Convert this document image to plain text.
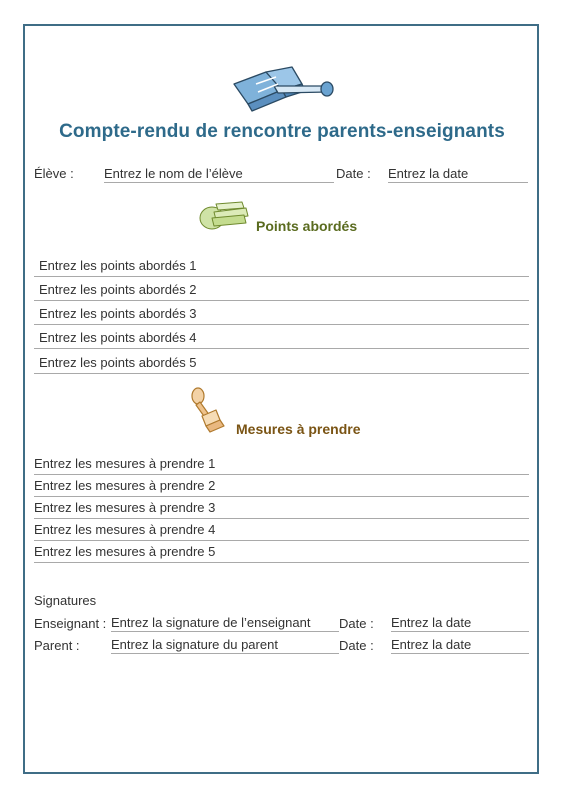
Compte-rendu de rencontre parents-enseignants
Élève : Entrez le nom de l’élève	Date : Entrez la date
Points abordés
Entrez les points abordés 1
Entrez les points abordés 2
Entrez les points abordés 3
Entrez les points abordés 4
Entrez les points abordés 5
Mesures à prendre
Entrez les mesures à prendre 1
Entrez les mesures à prendre 2
Entrez les mesures à prendre 3
Entrez les mesures à prendre 4
Entrez les mesures à prendre 5
Signatures
Enseignant : Entrez la signature de l’enseignant	Date : Entrez la date
Parent : Entrez la signature du parent	Date : Entrez la date
